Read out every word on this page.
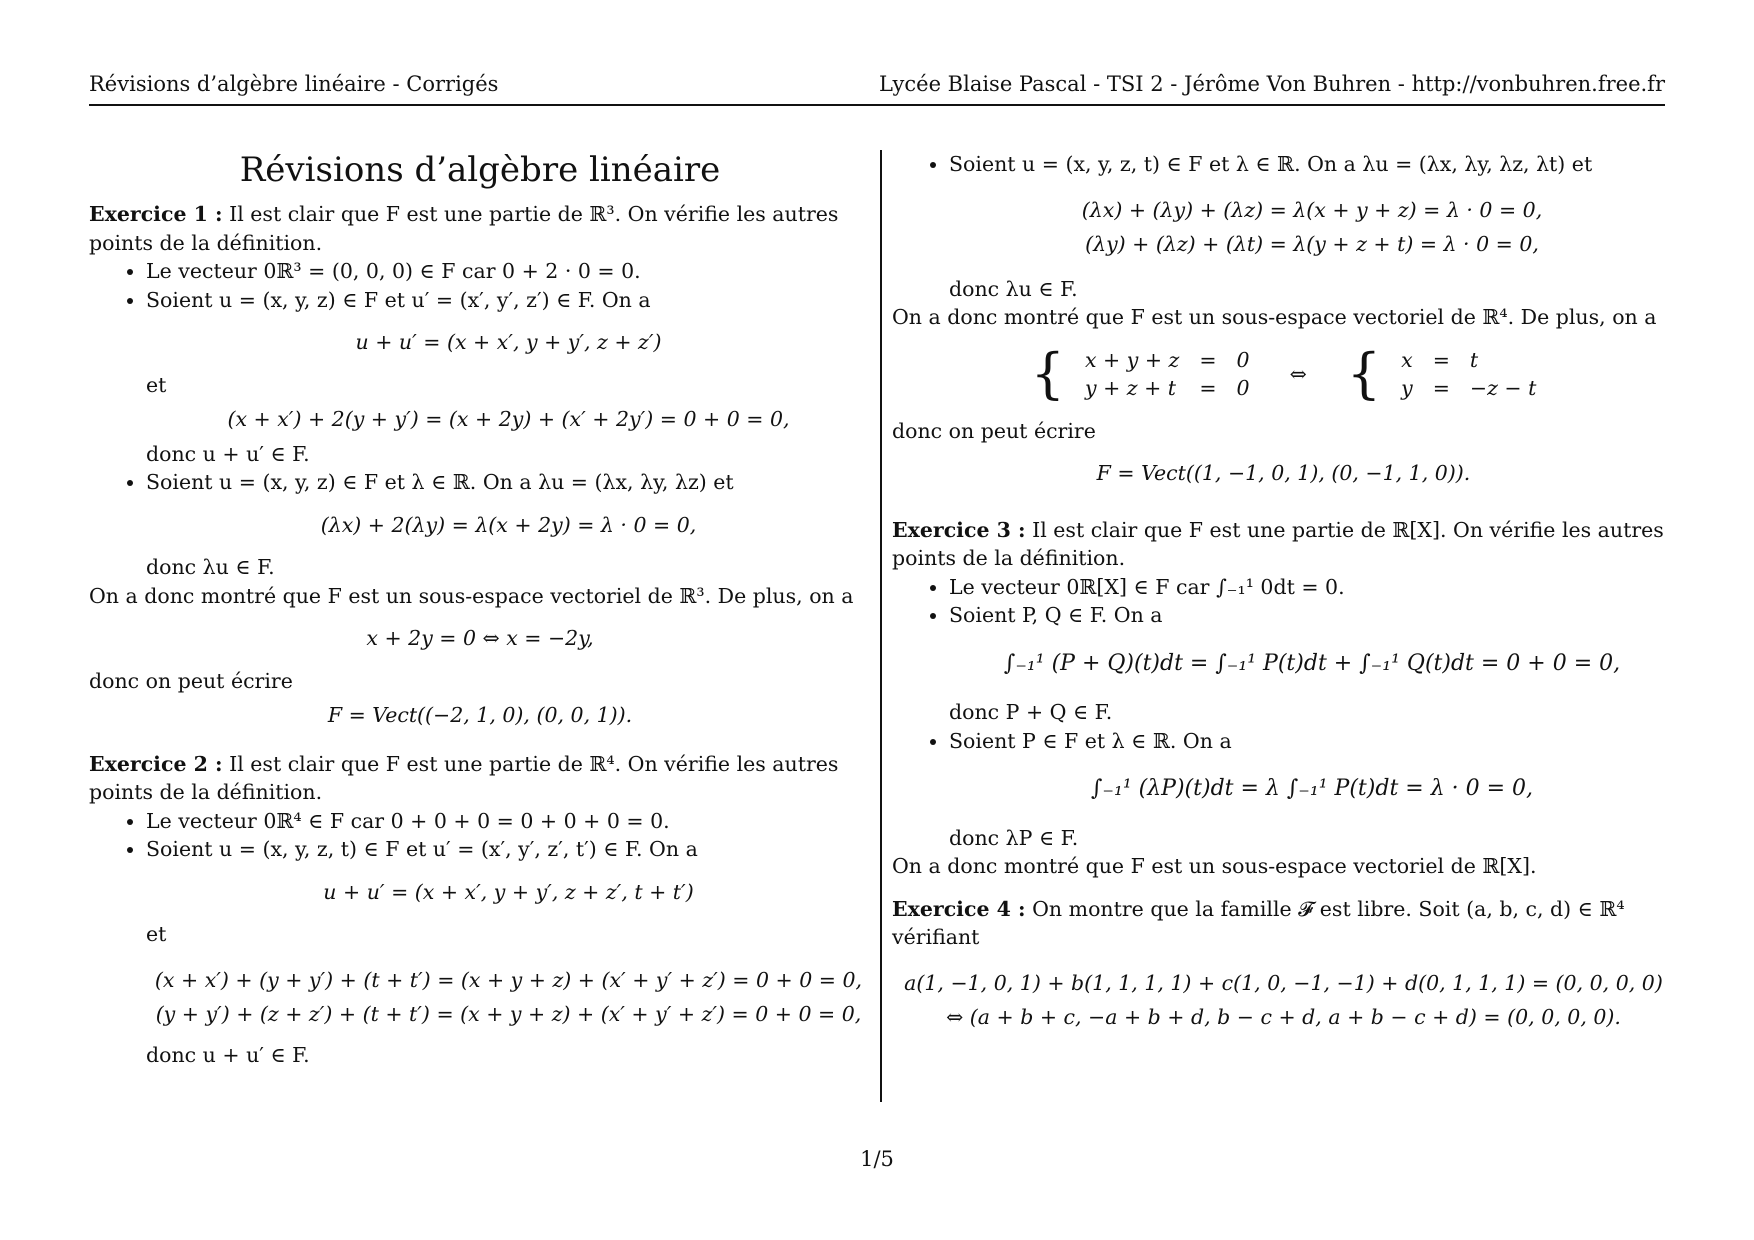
Révisions d’algèbre linéaire - Corrigés	Lycée Blaise Pascal - TSI 2 - Jérôme Von Buhren - http://vonbuhren.free.fr
Révisions d’algèbre linéaire

Exercice 1 : Il est clair que F est une partie de ℝ³. On vérifie les autres points de la définition.

• Le vecteur 0ℝ³ = (0, 0, 0) ∈ F car 0 + 2 · 0 = 0.
• Soient u = (x, y, z) ∈ F et u′ = (x′, y′, z′) ∈ F. On a
u + u′ = (x + x′, y + y′, z + z′)
et
(x + x′) + 2(y + y′) = (x + 2y) + (x′ + 2y′) = 0 + 0 = 0,
donc u + u′ ∈ F.
• Soient u = (x, y, z) ∈ F et λ ∈ ℝ. On a λu = (λx, λy, λz) et
(λx) + 2(λy) = λ(x + 2y) = λ · 0 = 0,
donc λu ∈ F.

On a donc montré que F est un sous-espace vectoriel de ℝ³. De plus, on a

x + 2y = 0 ⇔ x = −2y,

donc on peut écrire

F = Vect((−2, 1, 0), (0, 0, 1)).

Exercice 2 : Il est clair que F est une partie de ℝ⁴. On vérifie les autres points de la définition.

• Le vecteur 0ℝ⁴ ∈ F car 0 + 0 + 0 = 0 + 0 + 0 = 0.
• Soient u = (x, y, z, t) ∈ F et u′ = (x′, y′, z′, t′) ∈ F. On a
u + u′ = (x + x′, y + y′, z + z′, t + t′)
et
(x + x′) + (y + y′) + (t + t′) = (x + y + z) + (x′ + y′ + z′) = 0 + 0 = 0,
(y + y′) + (z + z′) + (t + t′) = (x + y + z) + (x′ + y′ + z′) = 0 + 0 = 0,
donc u + u′ ∈ F.
• Soient u = (x, y, z, t) ∈ F et λ ∈ ℝ. On a λu = (λx, λy, λz, λt) et
(λx) + (λy) + (λz) = λ(x + y + z) = λ · 0 = 0,
(λy) + (λz) + (λt) = λ(y + z + t) = λ · 0 = 0,
donc λu ∈ F.

On a donc montré que F est un sous-espace vectoriel de ℝ⁴. De plus, on a

{	x + y + z	=	0	⇔	{	x	=	t
	y + z + t	=	0			y	=	−z − t

donc on peut écrire

F = Vect((1, −1, 0, 1), (0, −1, 1, 0)).

Exercice 3 : Il est clair que F est une partie de ℝ[X]. On vérifie les autres points de la définition.

• Le vecteur 0ℝ[X] ∈ F car ∫₋₁¹ 0dt = 0.
• Soient P, Q ∈ F. On a
∫₋₁¹ (P + Q)(t)dt = ∫₋₁¹ P(t)dt + ∫₋₁¹ Q(t)dt = 0 + 0 = 0,
donc P + Q ∈ F.
• Soient P ∈ F et λ ∈ ℝ. On a
∫₋₁¹ (λP)(t)dt = λ ∫₋₁¹ P(t)dt = λ · 0 = 0,
donc λP ∈ F.

On a donc montré que F est un sous-espace vectoriel de ℝ[X].

Exercice 4 : On montre que la famille 𝓕 est libre. Soit (a, b, c, d) ∈ ℝ⁴ vérifiant

a(1, −1, 0, 1) + b(1, 1, 1, 1) + c(1, 0, −1, −1) + d(0, 1, 1, 1) = (0, 0, 0, 0)
⇔ (a + b + c, −a + b + d, b − c + d, a + b − c + d) = (0, 0, 0, 0).
1/5
